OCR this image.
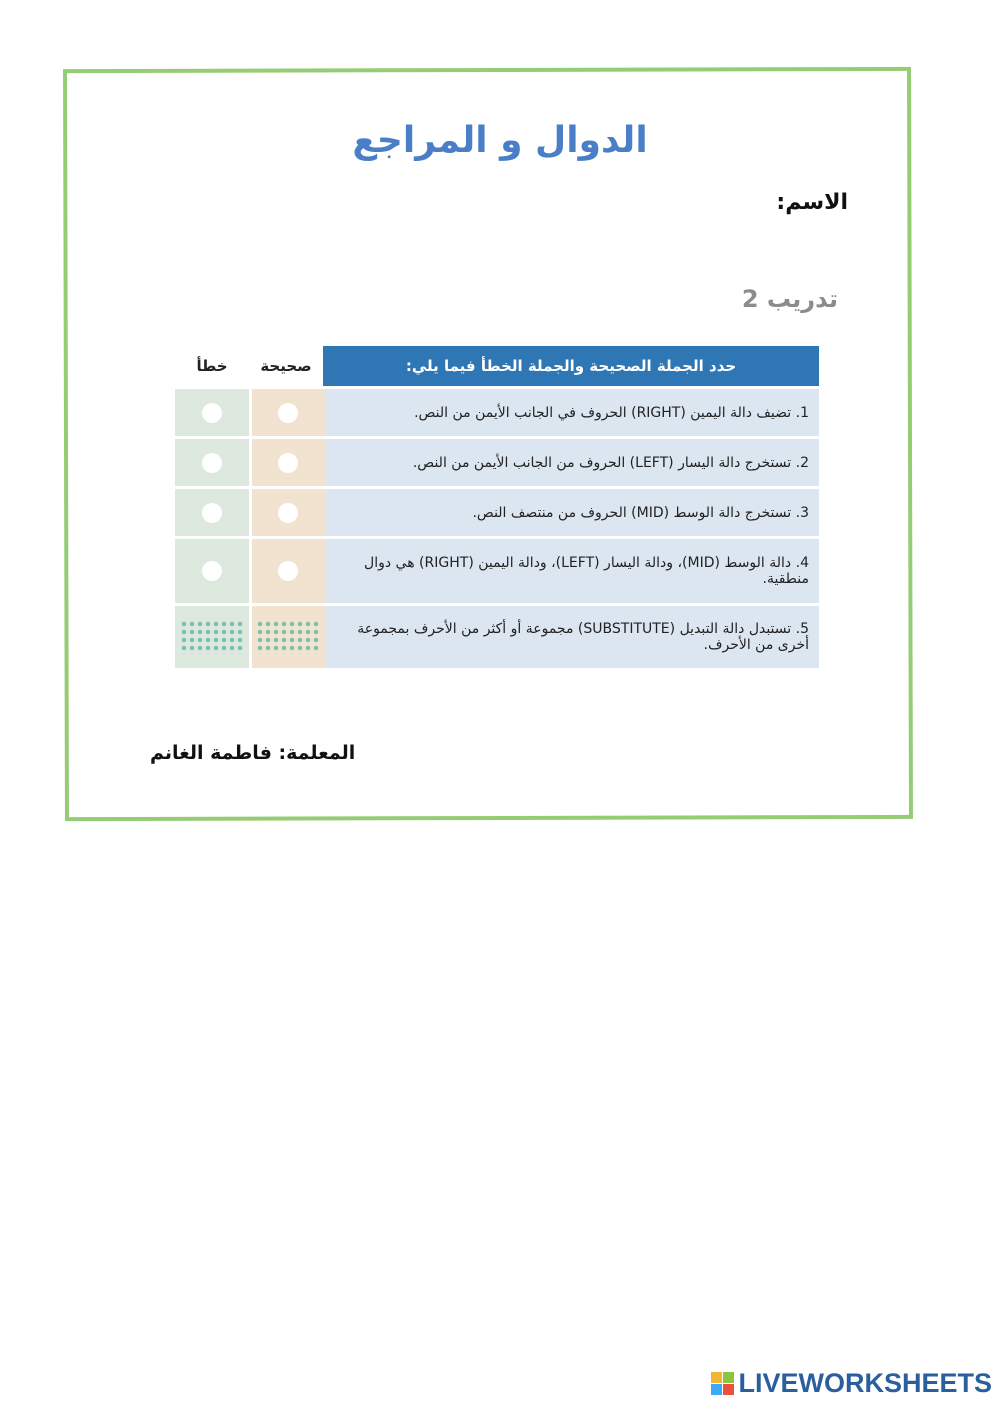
الدوال و المراجع
الاسم:
تدريب 2
حدد الجملة الصحيحة والجملة الخطأ فيما يلي:
صحيحة
خطأ
1. تضيف دالة اليمين (RIGHT) الحروف في الجانب الأيمن من النص.
2. تستخرج دالة اليسار (LEFT) الحروف من الجانب الأيمن من النص.
3. تستخرج دالة الوسط (MID) الحروف من منتصف النص.
4. دالة الوسط (MID)، ودالة اليسار (LEFT)، ودالة اليمين (RIGHT) هي دوال منطقية.
5. تستبدل دالة التبديل (SUBSTITUTE) مجموعة أو أكثر من الأحرف بمجموعة أخرى من الأحرف.
المعلمة: فاطمة الغانم
LIVEWORKSHEETS
